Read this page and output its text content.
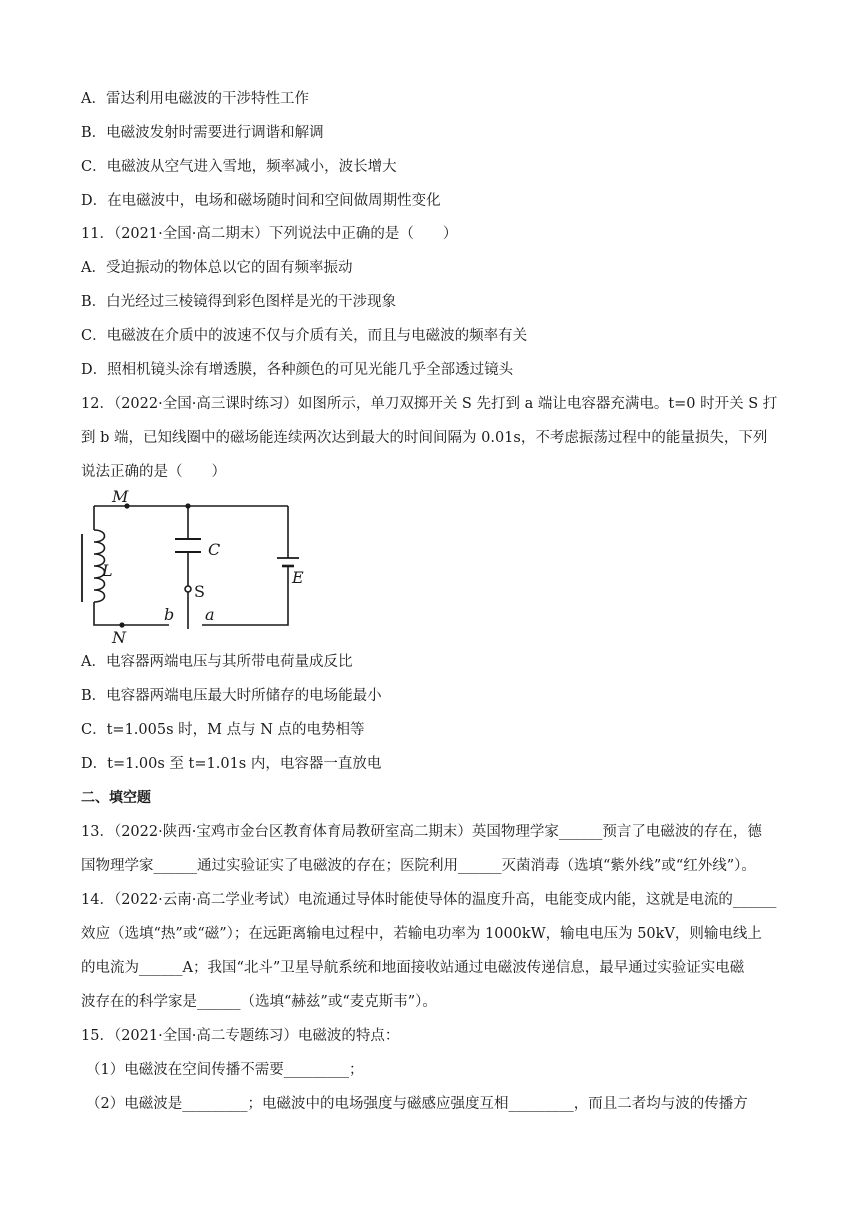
A．雷达利用电磁波的干涉特性工作
B．电磁波发射时需要进行调谐和解调
C．电磁波从空气进入雪地，频率减小，波长增大
D．在电磁波中，电场和磁场随时间和空间做周期性变化
11．（2021·全国·高二期末）下列说法中正确的是（　　）
A．受迫振动的物体总以它的固有频率振动
B．白光经过三棱镜得到彩色图样是光的干涉现象
C．电磁波在介质中的波速不仅与介质有关，而且与电磁波的频率有关
D．照相机镜头涂有增透膜，各种颜色的可见光能几乎全部透过镜头
12．（2022·全国·高三课时练习）如图所示，单刀双掷开关 S 先打到 a 端让电容器充满电。t=0 时开关 S 打
到 b 端，已知线圈中的磁场能连续两次达到最大的时间间隔为 0.01s，不考虑振荡过程中的能量损失，下列
说法正确的是（　　）
M
N
L
C
S
E
b a
A．电容器两端电压与其所带电荷量成反比
B．电容器两端电压最大时所储存的电场能最小
C．t=1.005s 时，M 点与 N 点的电势相等
D．t=1.00s 至 t=1.01s 内，电容器一直放电
二、填空题
13．（2022·陕西·宝鸡市金台区教育体育局教研室高二期末）英国物理学家______预言了电磁波的存在，德
国物理学家______通过实验证实了电磁波的存在；医院利用______灭菌消毒（选填“紫外线”或“红外线”）。
14．（2022·云南·高二学业考试）电流通过导体时能使导体的温度升高，电能变成内能，这就是电流的______
效应（选填“热”或“磁”）；在远距离输电过程中，若输电功率为 1000kW，输电电压为 50kV，则输电线上
的电流为______A；我国“北斗”卫星导航系统和地面接收站通过电磁波传递信息，最早通过实验证实电磁
波存在的科学家是______（选填“赫兹”或“麦克斯韦”）。
15．（2021·全国·高二专题练习）电磁波的特点：
（1）电磁波在空间传播不需要_________；
（2）电磁波是_________；电磁波中的电场强度与磁感应强度互相_________，而且二者均与波的传播方
